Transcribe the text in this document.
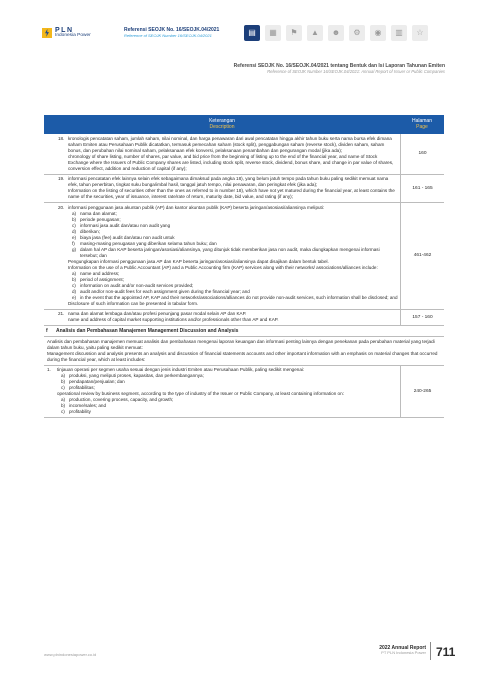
PLN
Indonesia Power
Referensi SEOJK No. 16/SEOJK.04/2021
Reference of SEOJK Number 16/SEOJK.04/2021	▤	▦	⚑	▲	☻	⚙	◉	▥	☆
Referensi SEOJK No. 16/SEOJK.04/2021 tentang Bentuk dan Isi Laporan Tahunan Emiten
Reference of SEOJK Number 16/SEOJK.04/2021: Annual Report of Issuer or Public Companies
Keterangan
Description
Halaman
Page
18. kronologis pencatatan saham, jumlah saham, nilai nominal, dan harga penawaran dari awal pencatatan hingga akhir tahun buku serta nama bursa efek dimana saham Emiten atau Perusahaan Publik dicatatkan, termasuk pemecahan saham (stock split), penggabungan saham (reverse stock), dividen saham, saham bonus, dan perubahan nilai nominal saham, pelaksanaan efek konversi, pelaksanaan penambahan dan pengurangan modal (jika ada);
chronology of share listing, number of shares, par value, and bid price from the beginning of listing up to the end of the financial year, and name of Stock Exchange where the Issuers of Public Company shares are listed, including stock split, reverse stock, dividend, bonus share, and change in par value of shares, conversion effect, addition and reduction of capital (if any);
160
19. informasi pencatatan efek lainnya selain efek sebagaimana dimaksud pada angka 18), yang belum jatuh tempo pada tahun buku paling sedikit memuat nama efek, tahun penerbitan, tingkat suku bunga/imbal hasil, tanggal jatuh tempo, nilai penawaran, dan peringkat efek (jika ada);
Information on the listing of securities other than the ones as referred to in number 18), which have not yet matured during the financial year, at least contains the name of the securities, year of issuance, interest rate/rate of return, maturity date, bid value, and rating (if any);
161 - 165
20. informasi penggunaan jasa akuntan publik (AP) dan kantor akuntan publik (KAP) beserta jaringan/asosiasi/aliansinya meliputi:
a) nama dan alamat;
b) periode penugasan;
c) informasi jasa audit dan/atau non audit yang
d) diberikan;
e) biaya jasa (fee) audit dan/atau non audit untuk
f)	masing-masing penugasan yang diberikan selama tahun buku; dan
g) dalam hal AP dan KAP beserta jaringan/asosiasi/aliansinya, yang ditunjuk tidak memberikan jasa non audit, maka diungkapkan mengenai informasi tersebut; dan
Pengungkapan informasi penggunaan jasa AP dan KAP beserta jaringan/asosiasi/aliansinya dapat disajikan dalam bentuk tabel.
Information on the use of a Public Accountant (AP) and a Public Accounting firm (KAP) services along with their networks/ associations/alliances include:
a) name and address;
b) period of assignment;
c) information on audit and/or non-audit services provided;
d) audit and/or non-audit fees for each assignment given during the financial year; and
e) in the event that the appointed AP, KAP and their networks/associations/alliances do not provide non-audit services, such information shall be disclosed; and
Disclosure of such information can be presented in tabular form.
461-462
21. nama dan alamat lembaga dan/atau profesi penunjang pasar modal selain AP dan KAP.
name and address of capital market supporting institutions and/or professionals other than AP and KAP.	157 - 160
f	Analisis dan Pembahasan Manajemen Management Discussion and Analysis
Analisis dan pembahasan manajemen memuat analisis dan pembahasan mengenai laporan keuangan dan informasi penting lainnya dengan penekanan pada perubahan material yang terjadi dalam tahun buku, yaitu paling sedikit memuat:
Management discussion and analysis presents an analysis and discussion of financial statements accounts and other important information with an emphasis on material changes that occurred during the financial year, which at least includes:
1.	tinjauan operasi per segmen usaha sesuai dengan jenis industri Emiten atau Perusahaan Publik, paling sedikit mengenai:
a) produksi, yang meliputi proses, kapasitas, dan perkembangannya;
b) pendapatan/penjualan; dan
c) profitabilitas;
operational review by business segment, according to the type of industry of the Issuer or Public Company, at least containing information on:
a) production, covering process, capacity, and growth;
b) income/sales; and
c) profitability
240-265
www.plnindonesiapower.co.id
2022 Annual Report
PT PLN Indonesia Power 711
